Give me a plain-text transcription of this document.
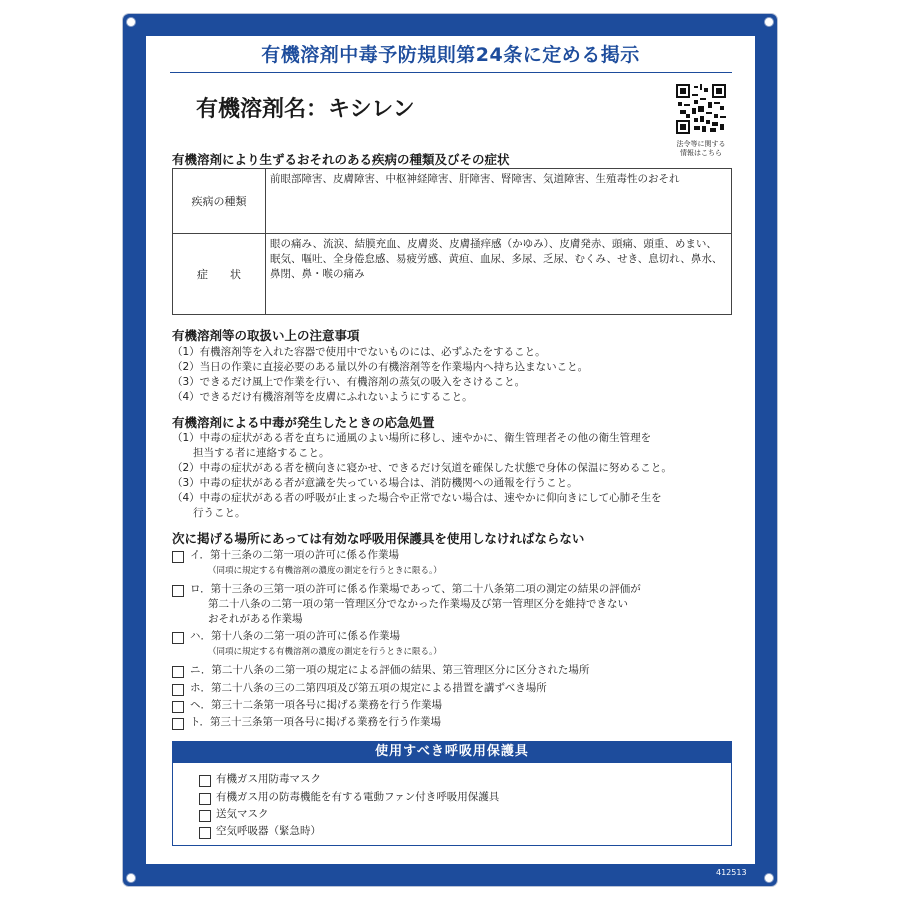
有機溶剤中毒予防規則第24条に定める掲示
有機溶剤名：キシレン
法令等に関する
情報はこちら
有機溶剤により生ずるおそれのある疾病の種類及びその症状
疾病の種類	前眼部障害、皮膚障害、中枢神経障害、肝障害、腎障害、気道障害、生殖毒性のおそれ
症　　状	眼の痛み、流涙、結膜充血、皮膚炎、皮膚掻痒感（かゆみ）、皮膚発赤、頭痛、頭重、めまい、
眠気、嘔吐、全身倦怠感、易疲労感、黄疸、血尿、多尿、乏尿、むくみ、せき、息切れ、鼻水、
鼻閉、鼻・喉の痛み
有機溶剤等の取扱い上の注意事項
（1）有機溶剤等を入れた容器で使用中でないものには、必ずふたをすること。
（2）当日の作業に直接必要のある量以外の有機溶剤等を作業場内へ持ち込まないこと。
（3）できるだけ風上で作業を行い、有機溶剤の蒸気の吸入をさけること。
（4）できるだけ有機溶剤等を皮膚にふれないようにすること。
有機溶剤による中毒が発生したときの応急処置
（1）中毒の症状がある者を直ちに通風のよい場所に移し、速やかに、衛生管理者その他の衛生管理を
　　担当する者に連絡すること。
（2）中毒の症状がある者を横向きに寝かせ、できるだけ気道を確保した状態で身体の保温に努めること。
（3）中毒の症状がある者が意識を失っている場合は、消防機関への通報を行うこと。
（4）中毒の症状がある者の呼吸が止まった場合や正常でない場合は、速やかに仰向きにして心肺そ生を
　　行うこと。
次に掲げる場所にあっては有効な呼吸用保護具を使用しなければならない
イ．第十三条の二第一項の許可に係る作業場
（同項に規定する有機溶剤の濃度の測定を行うときに限る。）
ロ．第十三条の三第一項の許可に係る作業場であって、第二十八条第二項の測定の結果の評価が
第二十八条の二第一項の第一管理区分でなかった作業場及び第一管理区分を維持できない
おそれがある作業場
ハ．第十八条の二第一項の許可に係る作業場
（同項に規定する有機溶剤の濃度の測定を行うときに限る。）
ニ．第二十八条の二第一項の規定による評価の結果、第三管理区分に区分された場所
ホ．第二十八条の三の二第四項及び第五項の規定による措置を講ずべき場所
ヘ．第三十二条第一項各号に掲げる業務を行う作業場
ト．第三十三条第一項各号に掲げる業務を行う作業場
使用すべき呼吸用保護具
有機ガス用防毒マスク
有機ガス用の防毒機能を有する電動ファン付き呼吸用保護具
送気マスク
空気呼吸器（緊急時）
412513
